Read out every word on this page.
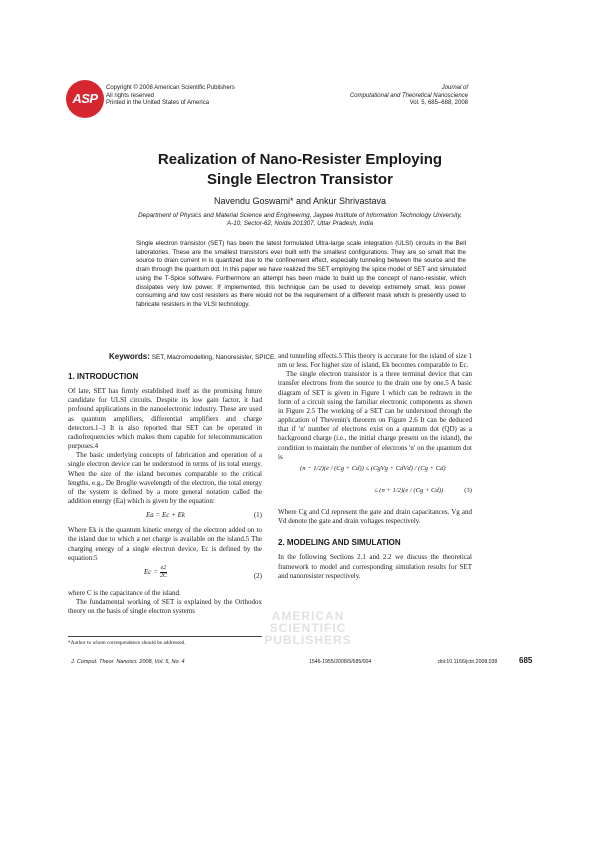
ASP
Copyright © 2008 American Scientific Publishers
All rights reserved
Printed in the United States of America
Journal of
Computational and Theoretical Nanoscience
Vol. 5, 685–688, 2008
Realization of Nano-Resister Employing
Single Electron Transistor
Navendu Goswami* and Ankur Shrivastava
Department of Physics and Material Science and Engineering, Jaypee Institute of Information Technology University,
A-10, Sector-62, Noida 201307, Uttar Pradesh, India
Single electron transistor (SET) has been the latest formulated Ultra-large scale integration (ULSI) circuits in the Bell laboratories. These are the smallest transistors ever built with the smallest configurations. They are so small that the source to drain current in is quantized due to the confinement effect, especially tunneling between the source and the drain through the quantum dot. In this paper we have realized the SET employing the spice model of SET and simulated using the T-Spice software. Furthermore an attempt has been made to build up the concept of nano-resister, which dissipates very low power. If implemented, this technique can be used to develop extremely small, less power consuming and low cost resisters as there would not be the requirement of a different mask which is presently used to fabricate resisters in the VLSI technology.
Keywords: SET, Macromodelling, Nanoresister, SPICE.
1. INTRODUCTION

Of late, SET has firmly established itself as the promising future candidate for ULSI circuits. Despite its low gain factor, it had profound applications in the nanoelectronic industry. These are used as quantum amplifiers, differential amplifiers and charge detectors.1–3 It is also reported that SET can be operated in radiofrequencies which makes them capable for telecommunication purposes.4

The basic underlying concepts of fabrication and operation of a single electron device can be understood in terms of its total energy. When the size of the island becomes comparable to the critical lengths, e.g., De Broglie wavelength of the electron, the total energy of the system is defined by a more general notation called the addition energy (Ea) which is given by the equation:

Ea = Ec + Ek	(1)

Where Ek is the quantum kinetic energy of the electron added on to the island due to which a net charge is available on the island.5 The charging energy of a single electron device, Ec is defined by the equation:5

$Ec = \frac{e2}{2C}$	(2)

where C is the capacitance of the island.

The fundamental working of SET is explained by the Orthodox theory on the basis of single electron systems

and tunneling effects.5 This theory is accurate for the island of size 1 nm or less. For higher size of island, Ek becomes comparable to Ec.

The single electron transistor is a three terminal device that can transfer electrons from the source to the drain one by one.5 A basic diagram of SET is given in Figure 1 which can be redrawn in the form of a circuit using the familiar electronic components as shown in Figure 2.5 The working of a SET can be understood through the application of Thevenin's theorem on Figure 2.6 It can be deduced that if 'n' number of electrons exist on a quantum dot (QD) as a background charge (i.e., the initial charge present on the island), the condition to maintain the number of electrons 'n' on the quantum dot is

(n − 1/2)(e / (Cg + Cd)) ≤ (CgVg + CdVd) / (Cg + Cd)
≤ (n + 1/2)(e / (Cg + Cd))	(3)

Where Cg and Cd represent the gate and drain capacitances. Vg and Vd denote the gate and drain voltages respectively.

2. MODELING AND SIMULATION

In the following Sections 2.1 and 2.2 we discuss the theoretical framework to model and corresponding simulation results for SET and nanoresister respectively.

AMERICAN
SCIENTIFIC
PUBLISHERS
*Author to whom correspondence should be addressed.
J. Comput. Theor. Nanosci. 2008, Vol. 5, No. 4	1546-1955/2008/5/685/004	doi:10.1166/jctn.2008.038	685
